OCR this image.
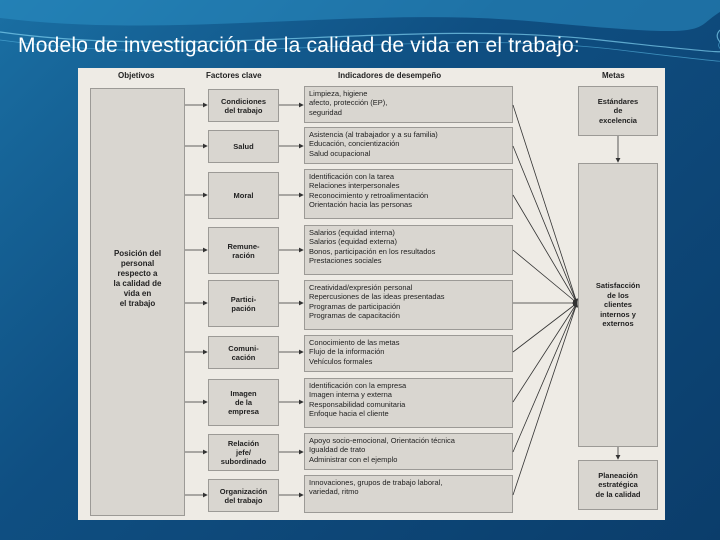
Modelo de investigación de la calidad de vida en el trabajo:
Objetivos	Factores clave	Indicadores de desempeño	Metas
Posición del
personal
respecto a
la calidad de
vida en
el trabajo
Condiciones
del trabajo
Salud
Moral
Remune-
ración
Partici-
pación
Comuni-
cación
Imagen
de la
empresa
Relación
jefe/
subordinado
Organización
del trabajo
Limpieza, higiene
afecto, protección (EP),
seguridad
Asistencia (al trabajador y a su familia)
Educación, concientización
Salud ocupacional
Identificación con la tarea
Relaciones interpersonales
Reconocimiento y retroalimentación
Orientación hacia las personas
Salarios (equidad interna)
Salarios (equidad externa)
Bonos, participación en los resultados
Prestaciones sociales
Creatividad/expresión personal
Repercusiones de las ideas presentadas
Programas de participación
Programas de capacitación
Conocimiento de las metas
Flujo de la información
Vehículos formales
Identificación con la empresa
Imagen interna y externa
Responsabilidad comunitaria
Enfoque hacia el cliente
Apoyo socio-emocional, Orientación técnica
Igualdad de trato
Administrar con el ejemplo
Innovaciones, grupos de trabajo laboral,
variedad, ritmo
Estándares
de
excelencia
Satisfacción
de los
clientes
internos y
externos
Planeación
estratégica
de la calidad
